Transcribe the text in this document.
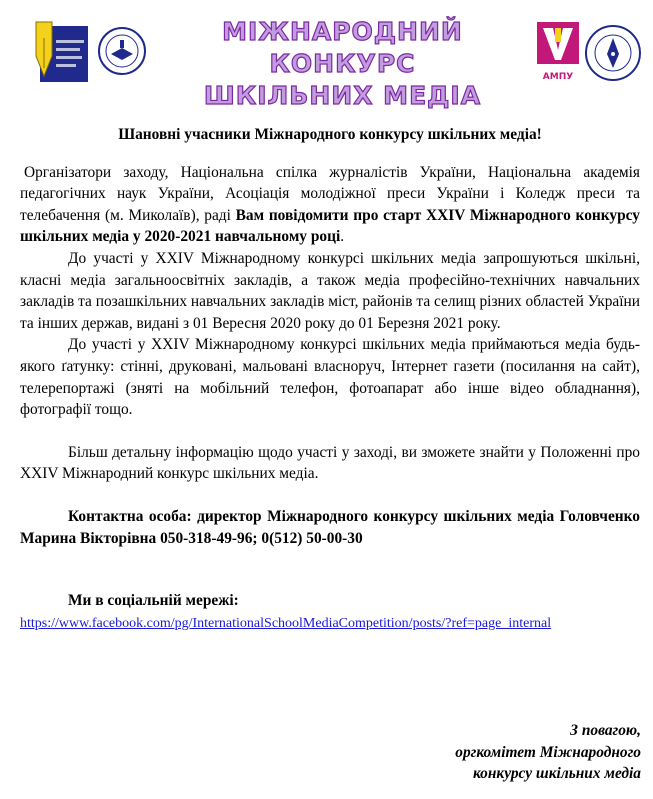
МІЖНАРОДНИЙ КОНКУРС
ШКІЛЬНИХ МЕДІА
АМПУ

Шановні учасники Міжнародного конкурсу шкільних медіа!

Організатори заходу, Національна спілка журналістів України, Національна академія педагогічних наук України, Асоціація молодіжної преси України і Коледж преси та телебачення (м. Миколаїв), раді Вам повідомити про старт XXIV Міжнародного конкурсу шкільних медіа у 2020-2021 навчальному році.

До участі у XXIV Міжнародному конкурсі шкільних медіа запрошуються шкільні, класні медіа загальноосвітніх закладів, а також медіа професійно-технічних навчальних закладів та позашкільних навчальних закладів міст, районів та селищ різних областей України та інших держав, видані з 01 Вересня 2020 року до 01 Березня 2021 року.

До участі у XXIV Міжнародному конкурсі шкільних медіа приймаються медіа будь-якого ґатунку: стінні, друковані, мальовані власноруч, Інтернет газети (посилання на сайт), телерепортажі (зняті на мобільний телефон, фотоапарат або інше відео обладнання), фотографії тощо.

Більш детальну інформацію щодо участі у заході, ви зможете знайти у Положенні про XXIV Міжнародний конкурс шкільних медіа.

Контактна особа: директор Міжнародного конкурсу шкільних медіа Головченко Марина Вікторівна 050-318-49-96; 0(512) 50-00-30

Ми в соціальній мережі:

https://www.facebook.com/pg/InternationalSchoolMediaCompetition/posts/?ref=page_internal
З повагою,
оргкомітет Міжнародного
конкурсу шкільних медіа
